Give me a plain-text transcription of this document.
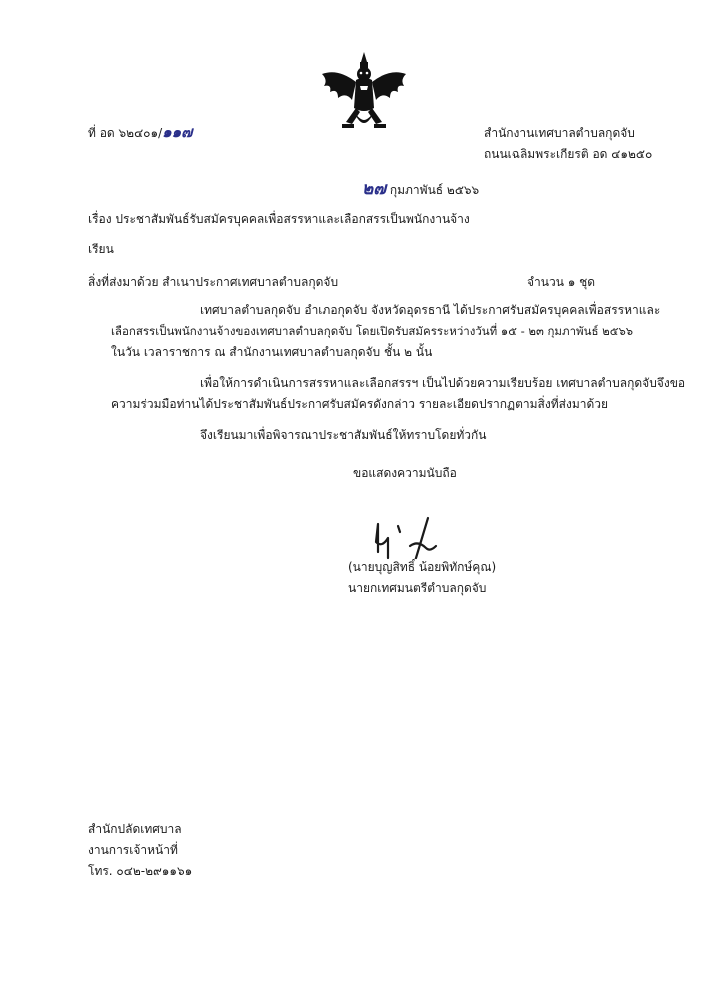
ที่ อด ๖๒๔๐๑/๑๑๗	สำนักงานเทศบาลตำบลกุดจับ
ถนนเฉลิมพระเกียรติ อด ๔๑๒๕๐
๒๗ กุมภาพันธ์ ๒๕๖๖
เรื่อง ประชาสัมพันธ์รับสมัครบุคคลเพื่อสรรหาและเลือกสรรเป็นพนักงานจ้าง
เรียน
สิ่งที่ส่งมาด้วย สำเนาประกาศเทศบาลตำบลกุดจับ	จำนวน ๑ ชุด
เทศบาลตำบลกุดจับ อำเภอกุดจับ จังหวัดอุดรธานี ได้ประกาศรับสมัครบุคคลเพื่อสรรหาและ
เลือกสรรเป็นพนักงานจ้างของเทศบาลตำบลกุดจับ โดยเปิดรับสมัครระหว่างวันที่ ๑๕ - ๒๓ กุมภาพันธ์ ๒๕๖๖
ในวัน เวลาราชการ ณ สำนักงานเทศบาลตำบลกุดจับ ชั้น ๒ นั้น
เพื่อให้การดำเนินการสรรหาและเลือกสรรฯ เป็นไปด้วยความเรียบร้อย เทศบาลตำบลกุดจับจึงขอ
ความร่วมมือท่านได้ประชาสัมพันธ์ประกาศรับสมัครดังกล่าว รายละเอียดปรากฏตามสิ่งที่ส่งมาด้วย
จึงเรียนมาเพื่อพิจารณาประชาสัมพันธ์ให้ทราบโดยทั่วกัน
ขอแสดงความนับถือ
(นายบุญสิทธิ์ น้อยพิทักษ์คุณ)
นายกเทศมนตรีตำบลกุดจับ
สำนักปลัดเทศบาล
งานการเจ้าหน้าที่
โทร. ๐๔๒-๒๙๑๑๖๑
